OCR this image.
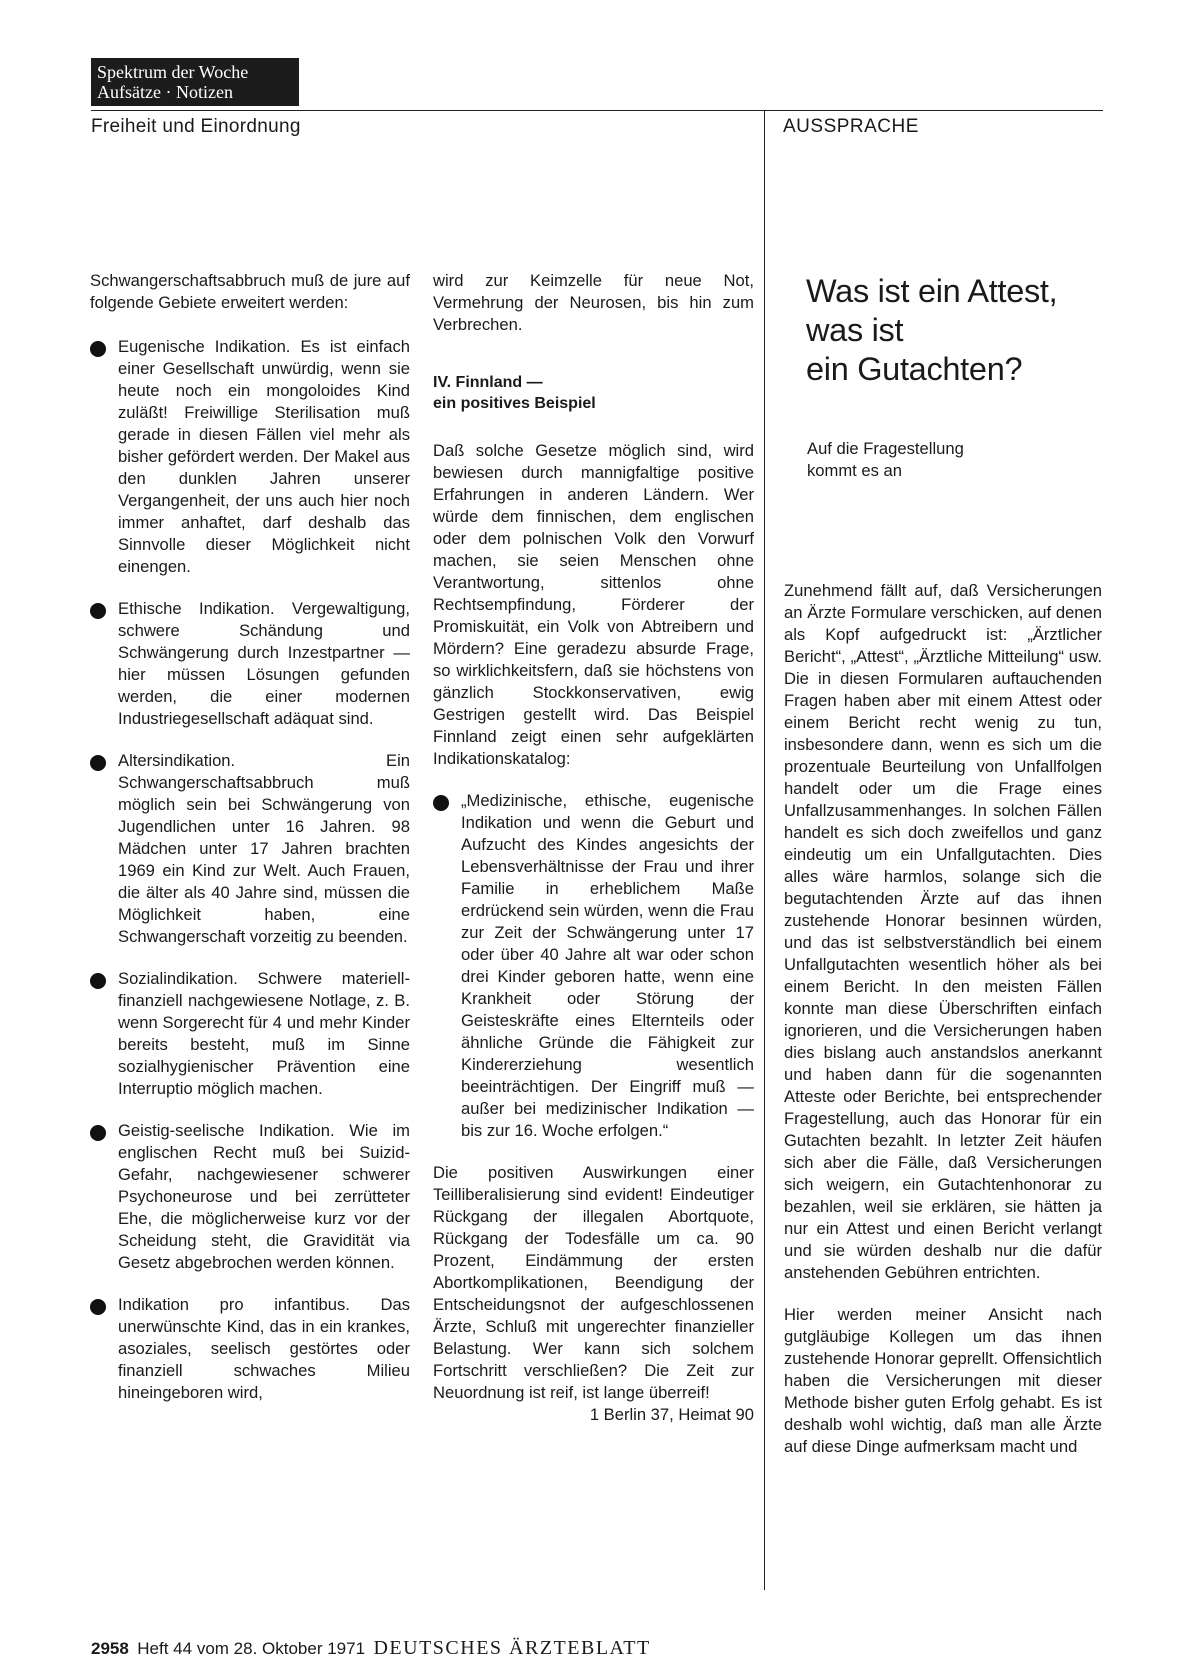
Spektrum der Woche
Aufsätze · Notizen
Freiheit und Einordnung	AUSSPRACHE

Schwangerschaftsabbruch muß de jure auf folgende Gebiete erweitert werden:

Eugenische Indikation. Es ist einfach einer Gesellschaft unwürdig, wenn sie heute noch ein mongoloides Kind zuläßt! Freiwillige Sterilisation muß gerade in diesen Fällen viel mehr als bisher gefördert werden. Der Makel aus den dunklen Jahren unserer Vergangenheit, der uns auch hier noch immer anhaftet, darf deshalb das Sinnvolle dieser Möglichkeit nicht einengen.

Ethische Indikation. Vergewaltigung, schwere Schändung und Schwängerung durch Inzestpartner — hier müssen Lösungen gefunden werden, die einer modernen Industriegesellschaft adäquat sind.

Altersindikation. Ein Schwangerschaftsabbruch muß möglich sein bei Schwängerung von Jugendlichen unter 16 Jahren. 98 Mädchen unter 17 Jahren brachten 1969 ein Kind zur Welt. Auch Frauen, die älter als 40 Jahre sind, müssen die Möglichkeit haben, eine Schwangerschaft vorzeitig zu beenden.

Sozialindikation. Schwere materiell-finanziell nachgewiesene Notlage, z. B. wenn Sorgerecht für 4 und mehr Kinder bereits besteht, muß im Sinne sozialhygienischer Prävention eine Interruptio möglich machen.

Geistig-seelische Indikation. Wie im englischen Recht muß bei Suizid-Gefahr, nachgewiesener schwerer Psychoneurose und bei zerrütteter Ehe, die möglicherweise kurz vor der Scheidung steht, die Gravidität via Gesetz abgebrochen werden können.

Indikation pro infantibus. Das unerwünschte Kind, das in ein krankes, asoziales, seelisch gestörtes oder finanziell schwaches Milieu hineingeboren wird,

wird zur Keimzelle für neue Not, Vermehrung der Neurosen, bis hin zum Verbrechen.

IV. Finnland —
ein positives Beispiel

Daß solche Gesetze möglich sind, wird bewiesen durch mannigfaltige positive Erfahrungen in anderen Ländern. Wer würde dem finnischen, dem englischen oder dem polnischen Volk den Vorwurf machen, sie seien Menschen ohne Verantwortung, sittenlos ohne Rechtsempfindung, Förderer der Promiskuität, ein Volk von Abtreibern und Mördern? Eine geradezu absurde Frage, so wirklichkeitsfern, daß sie höchstens von gänzlich Stockkonservativen, ewig Gestrigen gestellt wird. Das Beispiel Finnland zeigt einen sehr aufgeklärten Indikationskatalog:

„Medizinische, ethische, eugenische Indikation und wenn die Geburt und Aufzucht des Kindes angesichts der Lebensverhältnisse der Frau und ihrer Familie in erheblichem Maße erdrückend sein würden, wenn die Frau zur Zeit der Schwängerung unter 17 oder über 40 Jahre alt war oder schon drei Kinder geboren hatte, wenn eine Krankheit oder Störung der Geisteskräfte eines Elternteils oder ähnliche Gründe die Fähigkeit zur Kindererziehung wesentlich beeinträchtigen. Der Eingriff muß — außer bei medizinischer Indikation — bis zur 16. Woche erfolgen.“

Die positiven Auswirkungen einer Teilliberalisierung sind evident! Eindeutiger Rückgang der illegalen Abortquote, Rückgang der Todesfälle um ca. 90 Prozent, Eindämmung der ersten Abortkomplikationen, Beendigung der Entscheidungsnot der aufgeschlossenen Ärzte, Schluß mit ungerechter finanzieller Belastung. Wer kann sich solchem Fortschritt verschließen? Die Zeit zur Neuordnung ist reif, ist lange überreif!

1 Berlin 37, Heimat 90

Was ist ein Attest,
was ist
ein Gutachten?
Auf die Fragestellung
kommt es an

Zunehmend fällt auf, daß Versicherungen an Ärzte Formulare verschicken, auf denen als Kopf aufgedruckt ist: „Ärztlicher Bericht“, „Attest“, „Ärztliche Mitteilung“ usw. Die in diesen Formularen auftauchenden Fragen haben aber mit einem Attest oder einem Bericht recht wenig zu tun, insbesondere dann, wenn es sich um die prozentuale Beurteilung von Unfallfolgen handelt oder um die Frage eines Unfallzusammenhanges. In solchen Fällen handelt es sich doch zweifellos und ganz eindeutig um ein Unfallgutachten. Dies alles wäre harmlos, solange sich die begutachtenden Ärzte auf das ihnen zustehende Honorar besinnen würden, und das ist selbstverständlich bei einem Unfallgutachten wesentlich höher als bei einem Bericht. In den meisten Fällen konnte man diese Überschriften einfach ignorieren, und die Versicherungen haben dies bislang auch anstandslos anerkannt und haben dann für die sogenannten Atteste oder Berichte, bei entsprechender Fragestellung, auch das Honorar für ein Gutachten bezahlt. In letzter Zeit häufen sich aber die Fälle, daß Versicherungen sich weigern, ein Gutachtenhonorar zu bezahlen, weil sie erklären, sie hätten ja nur ein Attest und einen Bericht verlangt und sie würden deshalb nur die dafür anstehenden Gebühren entrichten.

Hier werden meiner Ansicht nach gutgläubige Kollegen um das ihnen zustehende Honorar geprellt. Offensichtlich haben die Versicherungen mit dieser Methode bisher guten Erfolg gehabt. Es ist deshalb wohl wichtig, daß man alle Ärzte auf diese Dinge aufmerksam macht und

2958 Heft 44 vom 28. Oktober 1971 DEUTSCHES ÄRZTEBLATT
